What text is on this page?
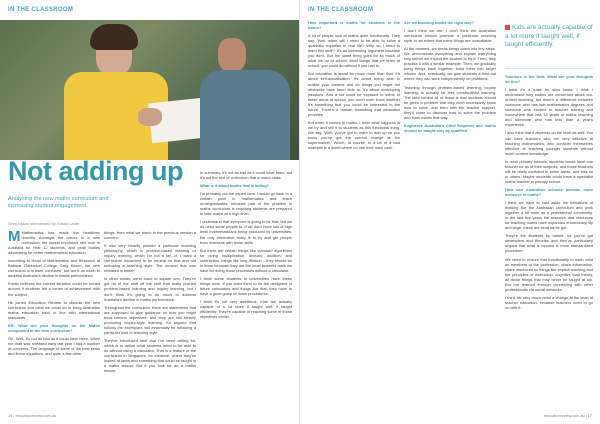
IN THE CLASSROOM
Not adding up
Analysing the new maths curriculum and increasing student engagement.
Greg Kitson interviewed by Kristin Lauer

M Mathematics has made the headlines recently. Amongst the issues in a new curriculum, the lowest enrolment rate ever in Australia for Year 12 students, and peak bodies advocating for better mathematical education.

According to Head of Mathematics and Research at Ballarat Clarendon College Greg Kitson, the new curriculum is in itself 'confused', but won't do much to address Australia's decline in maths performance.

Kristin believes the current situation could be turned around if students felt a sense of achievement with the subject.

He joined Education Review to discuss the new curriculum and what we could do to bring Australian maths education back in line with international standards.

ER: What are your thoughts on the Maths component in the new curriculum?

GK: Well, it's not as bad as it could have been. While the draft was released early last year I had a number of concerns. The language of some of the new items and linear equations, and quite a few other

things, from what we teach in the previous version a concern.

It also very heavily pushed a particular teaching philosophy, which is problem-based learning or inquiry learning, which I'm not a fan of. I want a curriculum document to be neutral on that and not enforcing a teaching style. The version that was released is better.

In other words, we're back to square one. They've got rid of the stuff off the stuff that really pushed problem-based learning and inquiry learning, but I don't think it's going to do much to address Australia's decline in maths performance.

Throughout the curriculum, there are statements that are supposed to give guidance on how you might treat content objectives, and they are still heavily promoting inquiry-style learning. So anyone that follows the exemplars will essentially be following a particular kind of teaching style.

They've introduced stuff that I've been calling for, which is to define what students need to be able to do without using a calculator. That is a feature of the curriculum in Singapore, for instance, where they've looked at tasks and something that could be taught in a maths lesson. But if you look for an a maths lesson.

In summary, it's not as bad as it could have been, but it's not the sort of curriculum that is world-class.

What is it about maths that is failing?

I'm probably not the expert here. I would go back to a certain point in mathematics and teach undergraduates, because part of the problem in maths curriculum is requiring students are prepared to take maths at a high level.

I understand that everyone is going to be that, but we do need some people to. If we don't have lots of high level mathematicians being produced by universities, the only alternative really is to try and get people from overseas with those skills.

But there are certain things like standard algorithms for doing multiplication, division, addition, and subtraction, things like long division – they should be in there because they are the most powerful tools we have for doing those processes without a calculator.

I think some students in universities have these things work. If you want them to be the designers of future calculators and things like that, they have to have a good grasp of those procedures.

I think it's not very ambitious. Kids are actually capable of a lot more if taught well, if taught efficiently. They're capable of reaching some of those objectives earlier.

16 | educationreview.com.au
IN THE CLASSROOM

How important is maths for students in the future?

A lot of people look at maths quite functionally. They say, 'Well, when will I need to be able to solve a quadratic equation in real life? Why do I need to learn this stuff?' It's an interesting argument because you don't. But the same thing goes for so much of what we do at school. Most things that we learn at school, you could do without if you had to.

But education is about so much more than that; it's about self-actualisation. It's about being able to realise your dreams and do things you might not otherwise have been able to. It's about developing passions. And a kid could be exposed to some of these areas at school, you won't even know whether it's something that you could be interested in the future. There's a human flourishing that education provides.

But when it comes to maths, I think what happens is we try and sell it to students as this functional thing. We say, 'Well, you've got to learn to add up so you know you've got the correct change at the supermarket.' Which, of course, is a bit of a bad example in a world where no one ever uses cash.

Are we teaching maths the right way?

I don't think we are. I don't think the Australian curriculum should promote a particular teaching style, to an extent that some things are unavailable.

At the moment, we break things down into tiny steps. We demonstrate everything and explain everything fully before we expect the student to try it. Then, they practise it with a similar example. Then, we gradually bring things back together, build them into larger wholes. And, eventually, we give students a time-out where they can work independently on problems.

Teaching through problem-based learning, inquiry learning, is actually far less constructivist learning. The idea behind all of those is that students should be given a problem that they don't necessarily know how to solve, and then with the teacher support, they'll come to discover how to solve the problem and learn maths that way.

Engineers Australia's Chief Engineer and maths should be taught only by qualified

Kids are actually capable of a lot more if taught well, if taught efficiently.

Teachers in the field. What are your thoughts on this?

I think it's a case for slow basis. I think I understand why bodies are concerned about out-of-field teaching, but there's a difference between someone who has two mathematics degrees and someone who studied to teacher training and somewhere that has 15 years of maths teaching and someone who has less than a year's experience.

I also think that it depends on the level as well. You can have teachers who are very effective at teaching mathematics, who consider themselves effective at teaching younger students without much content knowledge.

In most primary schools, students would have one teacher for all of their subjects, and those teachers will be really confident in some areas, and less so in others. Maybe students could have a specialist maths teacher in primary school.

How can Australian schools become more inclusive in maths?

I think we have to cast aside the limitations of thinking like the Australian curriculum and work together a bit more as a professional community. In the last five years the research and resources for teaching maths have expanded enormously. By and large, these are what we've got.

They're the students by nature, so you've got developers and theories and they've particularly argued that what is needed is more standardised procedure.

We need to ensure that functionality to each child as members of the profession, share information, share resources so things like explicit teaching and the principles of instruction, cognitive load theory, all those things that may never be taught at uni. But I've learned through connecting with other professionals via social networks.

I think we very much need a change at the level of teacher education, because teachers need to go on with it.

educationreview.com.au | 17
